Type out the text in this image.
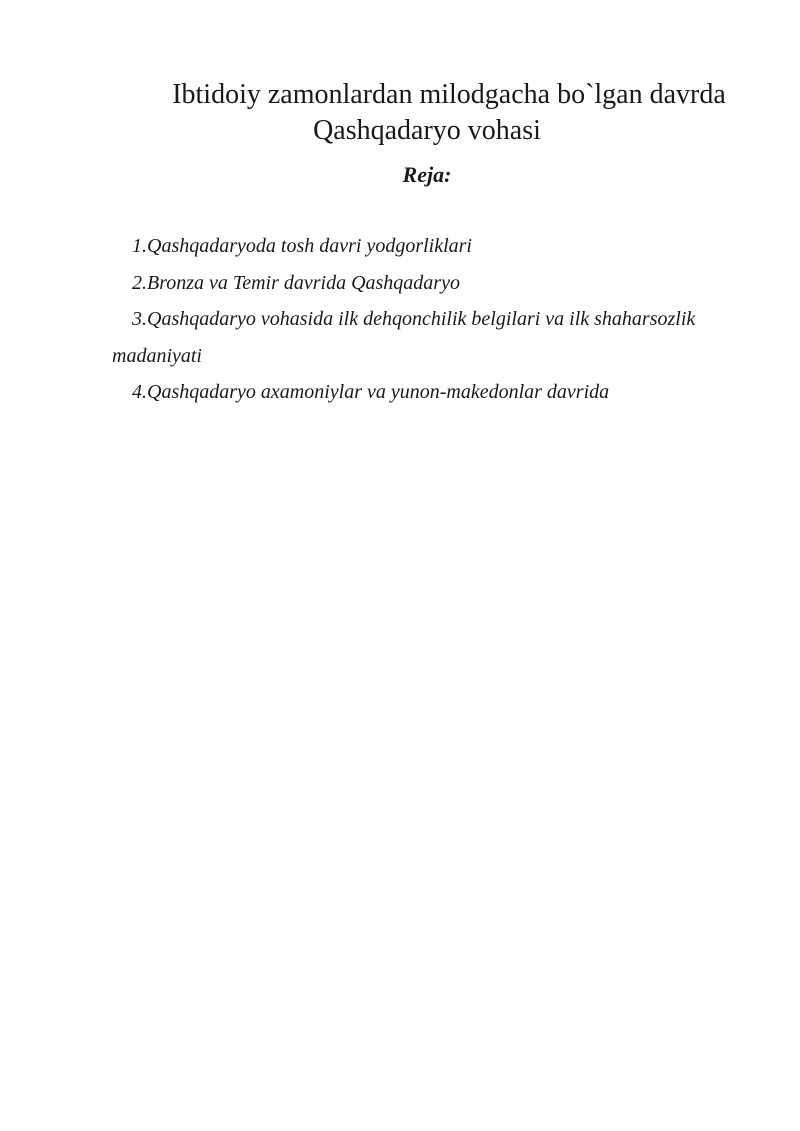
Ibtidoiy zamonlardan milodgacha bo`lgan davrda Qashqadaryo vohasi

Reja:

1.Qashqadaryoda tosh davri yodgorliklari
2.Bronza va Temir davrida Qashqadaryo
3.Qashqadaryo vohasida ilk dehqonchilik belgilari va ilk shaharsozlik madaniyati
4.Qashqadaryo axamoniylar va yunon-makedonlar davrida
